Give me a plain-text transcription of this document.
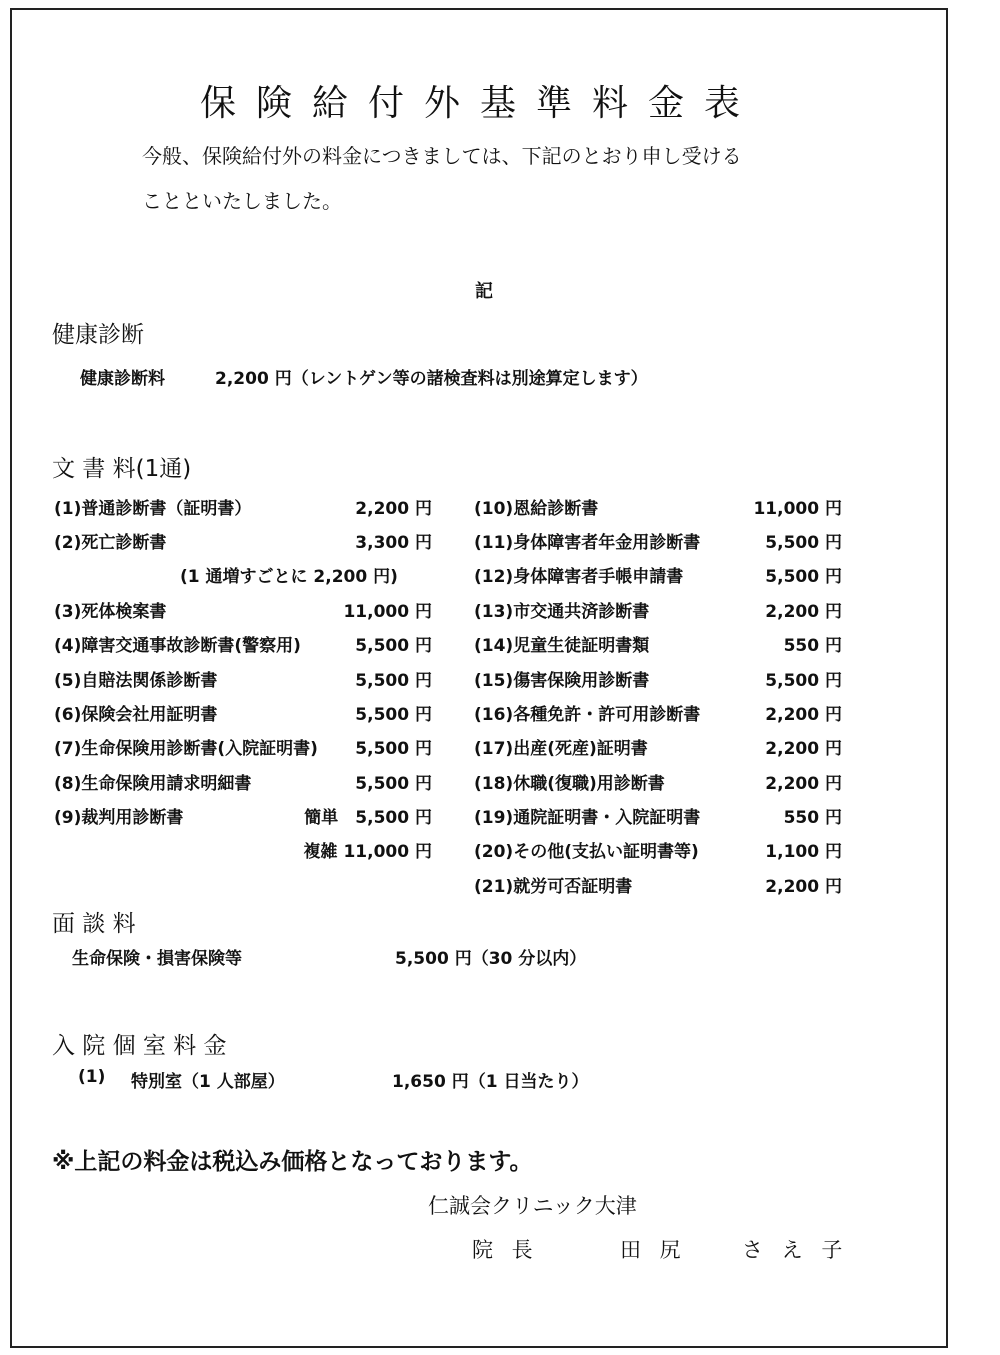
保険給付外基準料金表
今般、保険給付外の料金につきましては、下記のとおり申し受ける
ことといたしました。
記
健康診断
健康診断料	2,200 円（レントゲン等の諸検査料は別途算定します）
文 書 料(1通)
(1)普通診断書（証明書）	2,200 円
(2)死亡診断書	3,300 円
(1 通増すごとに 2,200 円)
(3)死体検案書	11,000 円
(4)障害交通事故診断書(警察用)	5,500 円
(5)自賠法関係診断書	5,500 円
(6)保険会社用証明書	5,500 円
(7)生命保険用診断書(入院証明書) 5,500 円
(8)生命保険用請求明細書	5,500 円
(9)裁判用診断書	簡単　5,500 円
複雑 11,000 円
(10)恩給診断書	11,000 円
(11)身体障害者年金用診断書	5,500 円
(12)身体障害者手帳申請書	5,500 円
(13)市交通共済診断書	2,200 円
(14)児童生徒証明書類	550 円
(15)傷害保険用診断書	5,500 円
(16)各種免許・許可用診断書	2,200 円
(17)出産(死産)証明書	2,200 円
(18)休職(復職)用診断書	2,200 円
(19)通院証明書・入院証明書	550 円
(20)その他(支払い証明書等)	1,100 円
(21)就労可否証明書	2,200 円
面 談 料
生命保険・損害保険等	5,500 円（30 分以内）
入 院 個 室 料 金
(1) 特別室（1 人部屋）	1,650 円（1 日当たり）
※上記の料金は税込み価格となっております。
仁誠会クリニック大津
院 長	田 尻	さ え 子
